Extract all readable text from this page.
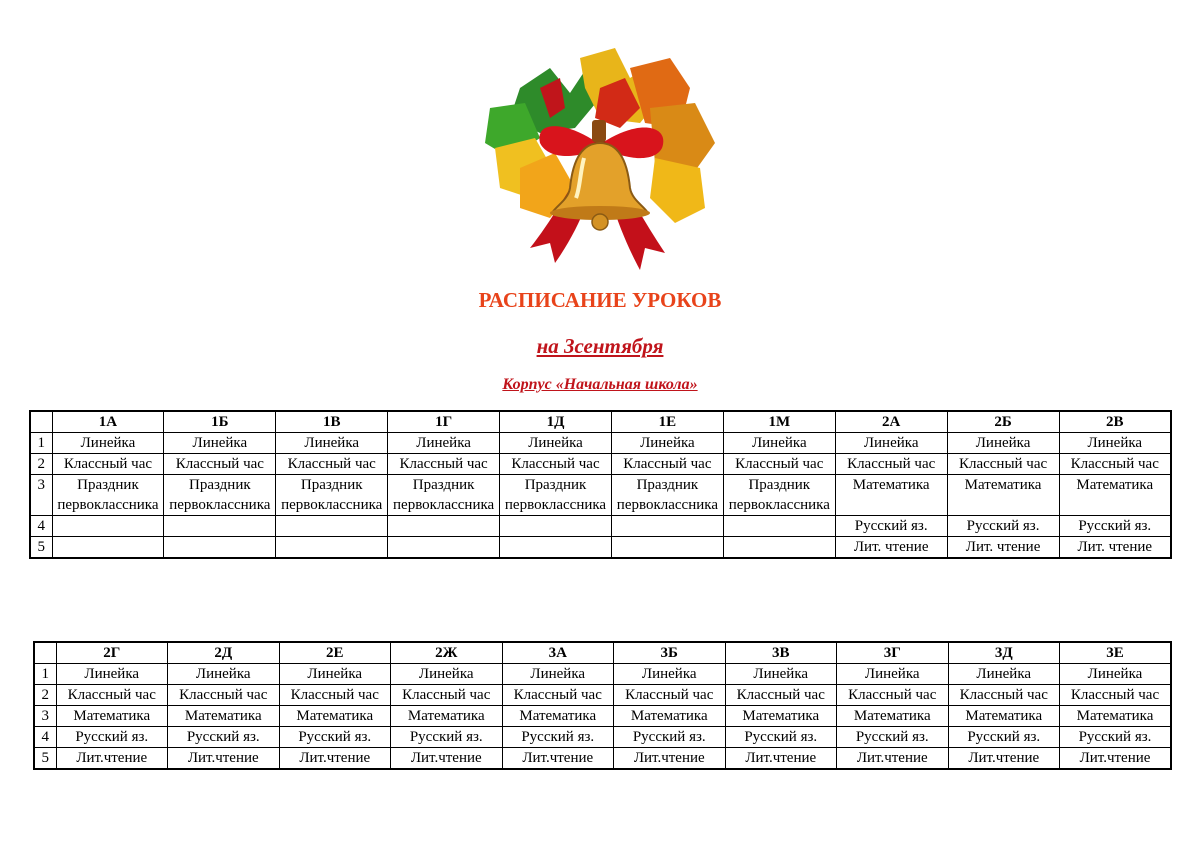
РАСПИСАНИЕ УРОКОВ
на 3сентября
Корпус «Начальная школа»
	1А	1Б	1В	1Г	1Д	1Е	1М	2А	2Б	2В
1	Линейка	Линейка	Линейка	Линейка	Линейка	Линейка	Линейка	Линейка	Линейка	Линейка
2	Классный час	Классный час	Классный час	Классный час	Классный час	Классный час	Классный час	Классный час	Классный час	Классный час
3	Праздник первоклассника	Праздник первоклассника	Праздник первоклассника	Праздник первоклассника	Праздник первоклассника	Праздник первоклассника	Праздник первоклассника	Математика	Математика	Математика
4								Русский яз.	Русский яз.	Русский яз.
5								Лит. чтение	Лит. чтение	Лит. чтение
	2Г	2Д	2Е	2Ж	3А	3Б	3В	3Г	3Д	3Е
1	Линейка	Линейка	Линейка	Линейка	Линейка	Линейка	Линейка	Линейка	Линейка	Линейка
2	Классный час	Классный час	Классный час	Классный час	Классный час	Классный час	Классный час	Классный час	Классный час	Классный час
3	Математика	Математика	Математика	Математика	Математика	Математика	Математика	Математика	Математика	Математика
4	Русский яз.	Русский яз.	Русский яз.	Русский яз.	Русский яз.	Русский яз.	Русский яз.	Русский яз.	Русский яз.	Русский яз.
5	Лит.чтение	Лит.чтение	Лит.чтение	Лит.чтение	Лит.чтение	Лит.чтение	Лит.чтение	Лит.чтение	Лит.чтение	Лит.чтение
